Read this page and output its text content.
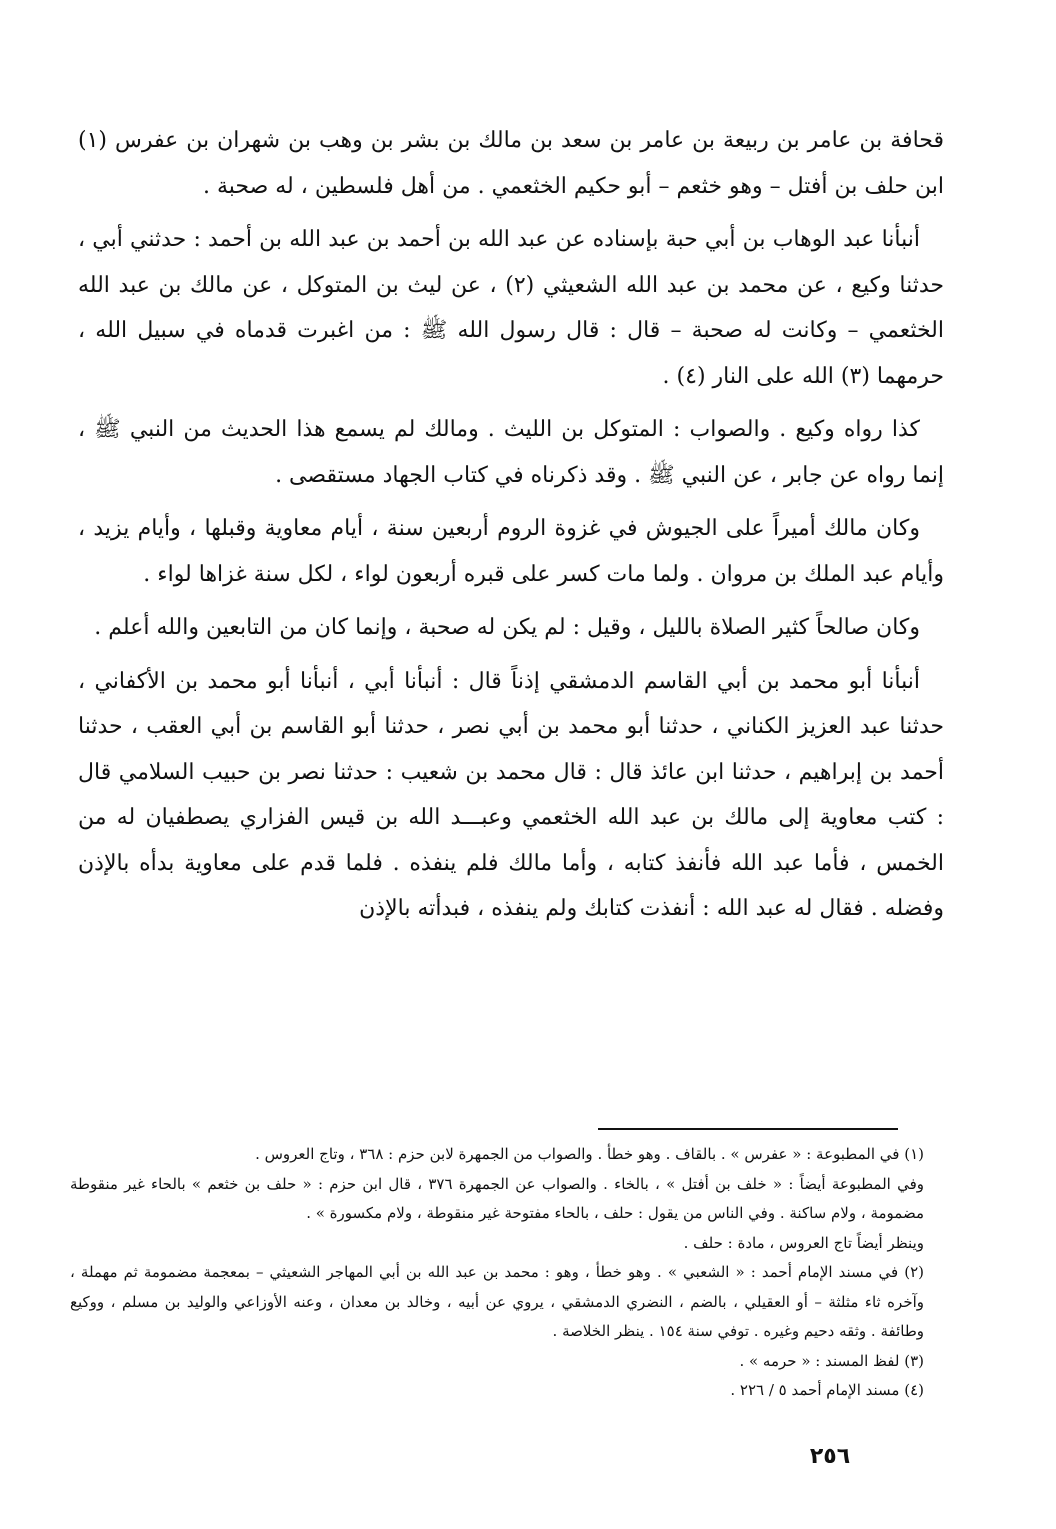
قحافة بن عامر بن ربيعة بن عامر بن سعد بن مالك بن بشر بن وهب بن شهران بن عفرس (١) ابن حلف بن أفتل – وهو خثعم – أبو حكيم الخثعمي . من أهل فلسطين ، له صحبة .

أنبأنا عبد الوهاب بن أبي حبة بإسناده عن عبد الله بن أحمد بن عبد الله بن أحمد : حدثني أبي ، حدثنا وكيع ، عن محمد بن عبد الله الشعيثي (٢) ، عن ليث بن المتوكل ، عن مالك بن عبد الله الخثعمي – وكانت له صحبة – قال : قال رسول الله ﷺ : من اغبرت قدماه في سبيل الله ، حرمهما (٣) الله على النار (٤) .

كذا رواه وكيع . والصواب : المتوكل بن الليث . ومالك لم يسمع هذا الحديث من النبي ﷺ ، إنما رواه عن جابر ، عن النبي ﷺ . وقد ذكرناه في كتاب الجهاد مستقصى .

وكان مالك أميراً على الجيوش في غزوة الروم أربعين سنة ، أيام معاوية وقبلها ، وأيام يزيد ، وأيام عبد الملك بن مروان . ولما مات كسر على قبره أربعون لواء ، لكل سنة غزاها لواء .

وكان صالحاً كثير الصلاة بالليل ، وقيل : لم يكن له صحبة ، وإنما كان من التابعين والله أعلم .

أنبأنا أبو محمد بن أبي القاسم الدمشقي إذناً قال : أنبأنا أبي ، أنبأنا أبو محمد بن الأكفاني ، حدثنا عبد العزيز الكناني ، حدثنا أبو محمد بن أبي نصر ، حدثنا أبو القاسم بن أبي العقب ، حدثنا أحمد بن إبراهيم ، حدثنا ابن عائذ قال : قال محمد بن شعيب : حدثنا نصر بن حبيب السلامي قال : كتب معاوية إلى مالك بن عبد الله الخثعمي وعبـــد الله بن قيس الفزاري يصطفيان له من الخمس ، فأما عبد الله فأنفذ كتابه ، وأما مالك فلم ينفذه . فلما قدم على معاوية بدأه بالإذن وفضله . فقال له عبد الله : أنفذت كتابك ولم ينفذه ، فبدأته بالإذن

(١) في المطبوعة : « عفرس » . بالقاف . وهو خطأ . والصواب من الجمهرة لابن حزم : ٣٦٨ ، وتاج العروس .

وفي المطبوعة أيضاً : « خلف بن أفتل » ، بالخاء . والصواب عن الجمهرة ٣٧٦ ، قال ابن حزم : « حلف بن خثعم » بالحاء غير منقوطة مضمومة ، ولام ساكنة . وفي الناس من يقول : حلف ، بالحاء مفتوحة غير منقوطة ، ولام مكسورة » .

وينظر أيضاً تاج العروس ، مادة : حلف .

(٢) في مسند الإمام أحمد : « الشعبي » . وهو خطأ ، وهو : محمد بن عبد الله بن أبي المهاجر الشعيثي – بمعجمة مضمومة ثم مهملة ، وآخره ثاء مثلثة – أو العقيلي ، بالضم ، النضري الدمشقي ، يروي عن أبيه ، وخالد بن معدان ، وعنه الأوزاعي والوليد بن مسلم ، ووكيع وطائفة . وثقه دحيم وغيره . توفي سنة ١٥٤ . ينظر الخلاصة .

(٣) لفظ المسند : « حرمه » .

(٤) مسند الإمام أحمد ٥ / ٢٢٦ .

٢٥٦
